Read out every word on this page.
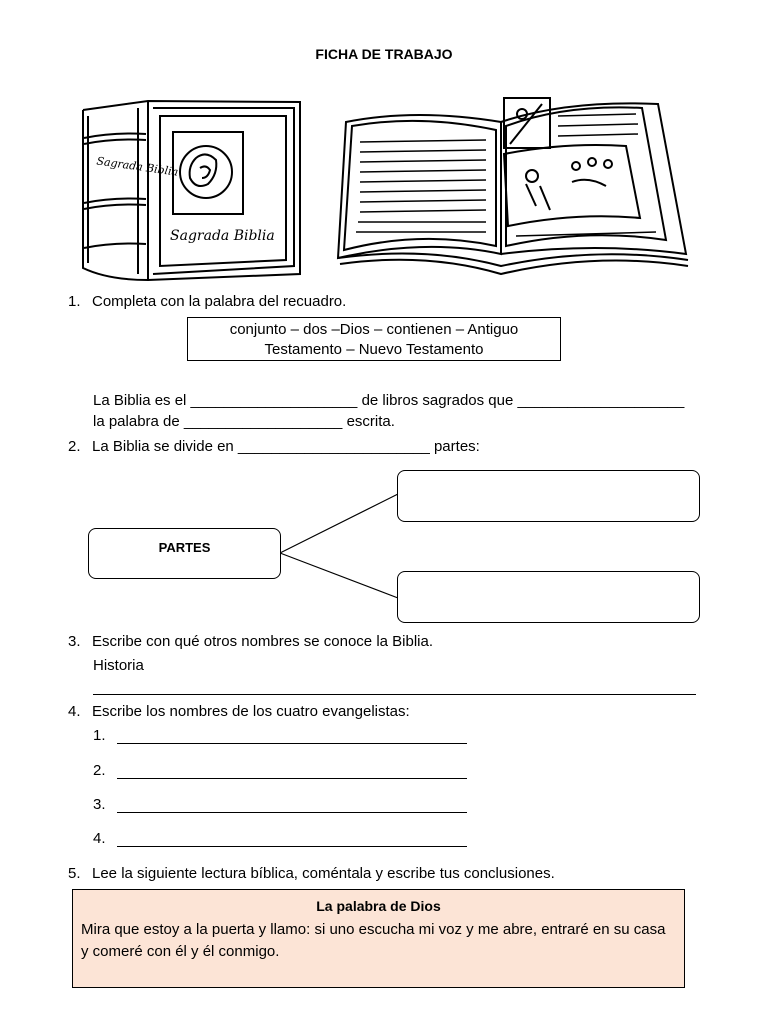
FICHA DE TRABAJO
Sagrada Biblia
Sagrada Biblia
1. Completa con la palabra del recuadro.
conjunto – dos –Dios – contienen – Antiguo
Testamento – Nuevo Testamento
La Biblia es el ____________________ de libros sagrados que ____________________
la palabra de ___________________ escrita.
2. La Biblia se divide en _______________________ partes:
PARTES
3. Escribe con qué otros nombres se conoce la Biblia.
Historia
4. Escribe los nombres de los cuatro evangelistas:
1.
2.
3.
4.
5. Lee la siguiente lectura bíblica, coméntala y escribe tus conclusiones.
La palabra de Dios
Mira que estoy a la puerta y llamo: si uno escucha mi voz y me abre, entraré en su casa y comeré con él y él conmigo.
